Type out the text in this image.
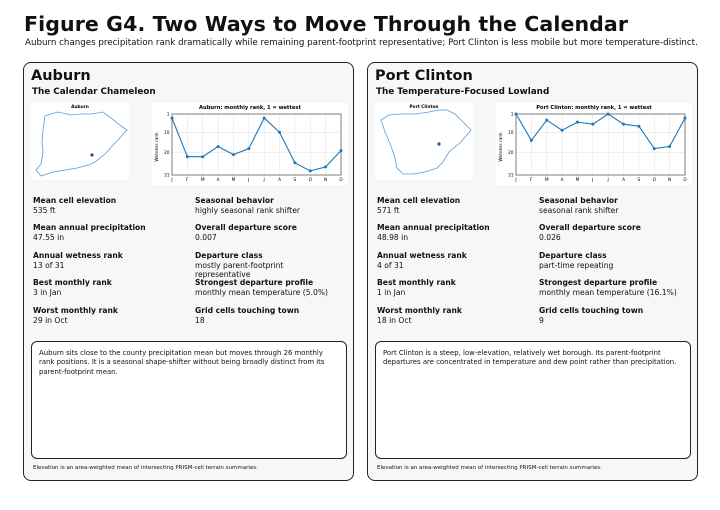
Figure G4. Two Ways to Move Through the Calendar
Auburn changes precipitation rank dramatically while remaining parent-footprint representative; Port Clinton is less mobile but more temperature-distinct.
Auburn
The Calendar Chameleon
Auburn	Auburn: monthly rank, 1 = wettest
Wetness rank
1
10
20
31
J	F	M	A	M	J	J	A	S	O	N	D
Mean cell elevation
535 ft
Seasonal behavior
highly seasonal rank shifter
Mean annual precipitation
47.55 in
Overall departure score
0.007
Annual wetness rank
13 of 31
Departure class
mostly parent-footprint representative
Best monthly rank
3 in Jan
Strongest departure profile
monthly mean temperature (5.0%)
Worst monthly rank
29 in Oct
Grid cells touching town
18
Auburn sits close to the county precipitation mean but moves through 26 monthly rank positions. It is a seasonal shape-shifter without being broadly distinct from its parent-footprint mean.
Elevation is an area-weighted mean of intersecting PRISM-cell terrain summaries.
Port Clinton
The Temperature-Focused Lowland
Port Clinton	Port Clinton: monthly rank, 1 = wettest
Wetness rank
1
10
20
31
J	F	M	A	M	J	J	A	S	O	N	D
Mean cell elevation
571 ft
Seasonal behavior
seasonal rank shifter
Mean annual precipitation
48.98 in
Overall departure score
0.026
Annual wetness rank
4 of 31
Departure class
part-time repeating
Best monthly rank
1 in Jan
Strongest departure profile
monthly mean temperature (16.1%)
Worst monthly rank
18 in Oct
Grid cells touching town
9
Port Clinton is a steep, low-elevation, relatively wet borough. Its parent-footprint departures are concentrated in temperature and dew point rather than precipitation.
Elevation is an area-weighted mean of intersecting PRISM-cell terrain summaries.
